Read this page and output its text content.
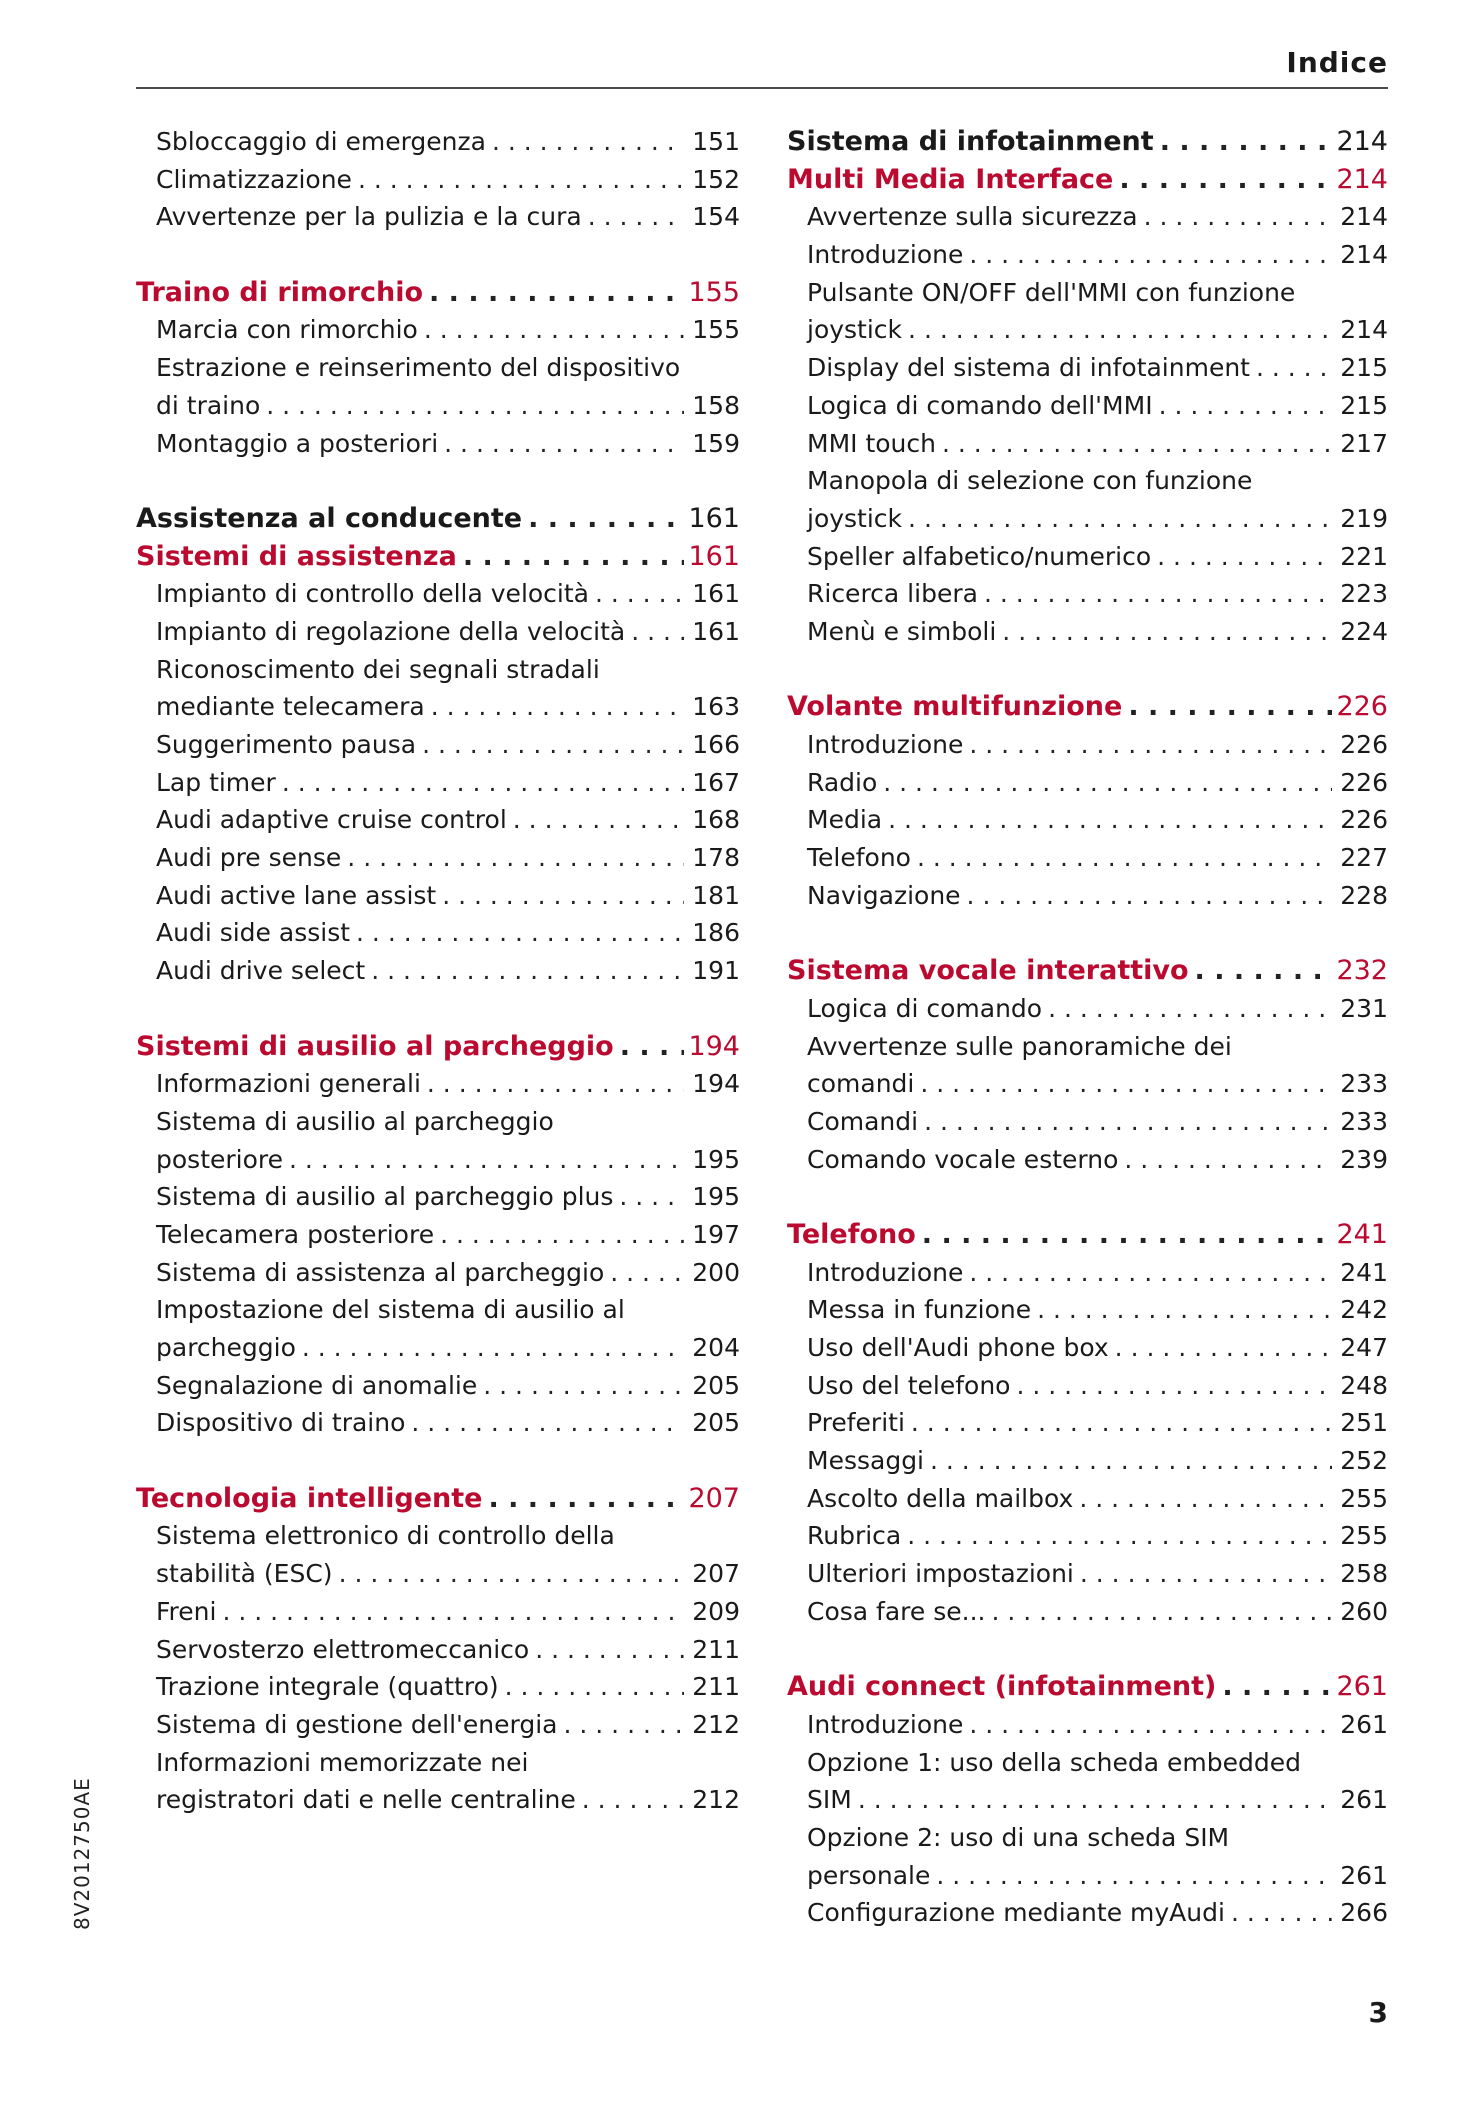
Indice
Sbloccaggio di emergenza . . .	151
Climatizzazione . . .	152
Avvertenze per la pulizia e la cura . . .	154
Traino di rimorchio . . .	155
Marcia con rimorchio . . .	155
Estrazione e reinserimento del dispositivo
di traino . . .	158
Montaggio a posteriori . . .	159
Assistenza al conducente . . .	161
Sistemi di assistenza . . .	161
Impianto di controllo della velocità . . .	161
Impianto di regolazione della velocità . . .	161
Riconoscimento dei segnali stradali
mediante telecamera . . .	163
Suggerimento pausa . . .	166
Lap timer . . .	167
Audi adaptive cruise control . . .	168
Audi pre sense . . .	178
Audi active lane assist . . .	181
Audi side assist . . .	186
Audi drive select . . .	191
Sistemi di ausilio al parcheggio . . .	194
Informazioni generali . . .	194
Sistema di ausilio al parcheggio
posteriore . . .	195
Sistema di ausilio al parcheggio plus . . .	195
Telecamera posteriore . . .	197
Sistema di assistenza al parcheggio . . .	200
Impostazione del sistema di ausilio al
parcheggio . . .	204
Segnalazione di anomalie . . .	205
Dispositivo di traino . . .	205
Tecnologia intelligente . . .	207
Sistema elettronico di controllo della
stabilità (ESC) . . .	207
Freni . . .	209
Servosterzo elettromeccanico . . .	211
Trazione integrale (quattro) . . .	211
Sistema di gestione dell'energia . . .	212
Informazioni memorizzate nei
registratori dati e nelle centraline . . .	212
Sistema di infotainment . . .	214
Multi Media Interface . . .	214
Avvertenze sulla sicurezza . . .	214
Introduzione . . .	214
Pulsante ON/OFF dell'MMI con funzione
joystick . . .	214
Display del sistema di infotainment . . .	215
Logica di comando dell'MMI . . .	215
MMI touch . . .	217
Manopola di selezione con funzione
joystick . . .	219
Speller alfabetico/numerico . . .	221
Ricerca libera . . .	223
Menù e simboli . . .	224
Volante multifunzione . . .	226
Introduzione . . .	226
Radio . . .	226
Media . . .	226
Telefono . . .	227
Navigazione . . .	228
Sistema vocale interattivo . . .	232
Logica di comando . . .	231
Avvertenze sulle panoramiche dei
comandi . . .	233
Comandi . . .	233
Comando vocale esterno . . .	239
Telefono . . .	241
Introduzione . . .	241
Messa in funzione . . .	242
Uso dell'Audi phone box . . .	247
Uso del telefono . . .	248
Preferiti . . .	251
Messaggi . . .	252
Ascolto della mailbox . . .	255
Rubrica . . .	255
Ulteriori impostazioni . . .	258
Cosa fare se... . . .	260
Audi connect (infotainment) . . .	261
Introduzione . . .	261
Opzione 1: uso della scheda embedded
SIM . . .	261
Opzione 2: uso di una scheda SIM
personale . . .	261
Configurazione mediante myAudi . . .	266
8V2012750AE
3
